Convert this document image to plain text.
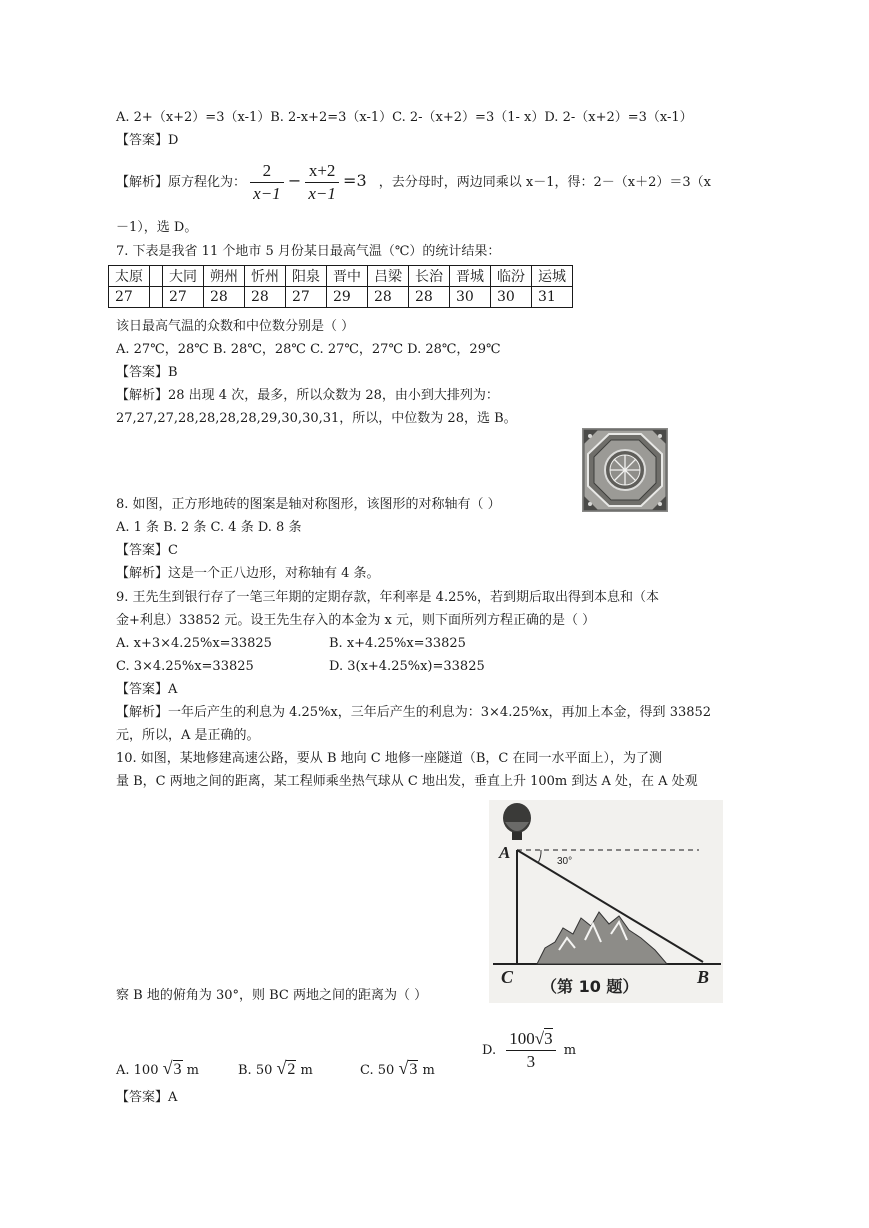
A. 2+（x+2）=3（x-1）B. 2-x+2=3（x-1）C. 2-（x+2）=3（1- x）D. 2-（x+2）=3（x-1）
【答案】D
【解析】原方程化为： $\frac{2}{x-1} - \frac{x+2}{x-1} =3$ ，去分母时，两边同乘以 x－1，得：2－（x＋2）＝3（x
－1），选 D。
7. 下表是我省 11 个地市 5 月份某日最高气温（℃）的统计结果：
太原		大同	朔州	忻州	阳泉	晋中	吕梁	长治	晋城	临汾	运城
27		27	28	28	27	29	28	28	30	30	31
该日最高气温的众数和中位数分别是（ ）
A. 27℃，28℃ B. 28℃，28℃ C. 27℃，27℃ D. 28℃，29℃
【答案】B
【解析】28 出现 4 次，最多，所以众数为 28，由小到大排列为：
27,27,27,28,28,28,28,29,30,30,31，所以，中位数为 28，选 B。
8. 如图，正方形地砖的图案是轴对称图形，该图形的对称轴有（ ）
A. 1 条 B. 2 条 C. 4 条 D. 8 条
【答案】C
【解析】这是一个正八边形，对称轴有 4 条。
9. 王先生到银行存了一笔三年期的定期存款，年利率是 4.25%，若到期后取出得到本息和（本
金+利息）33852 元。设王先生存入的本金为 x 元，则下面所列方程正确的是（ ）
A. x+3×4.25%x=33825	B. x+4.25%x=33825
C. 3×4.25%x=33825	D. 3(x+4.25%x)=33825
【答案】A
【解析】一年后产生的利息为 4.25%x，三年后产生的利息为：3×4.25%x，再加上本金，得到 33852
元，所以，A 是正确的。
10. 如图，某地修建高速公路，要从 B 地向 C 地修一座隧道（B，C 在同一水平面上），为了测
量 B，C 两地之间的距离，某工程师乘坐热气球从 C 地出发，垂直上升 100m 到达 A 处，在 A 处观
A	30°
C	B
（第 10 题）
察 B 地的俯角为 30°，则 BC 两地之间的距离为（ ）
A. 100 √3 m	B. 50 √2 m	C. 50 √3 m
D. $\frac{100√3}{3}$ m
【答案】A
